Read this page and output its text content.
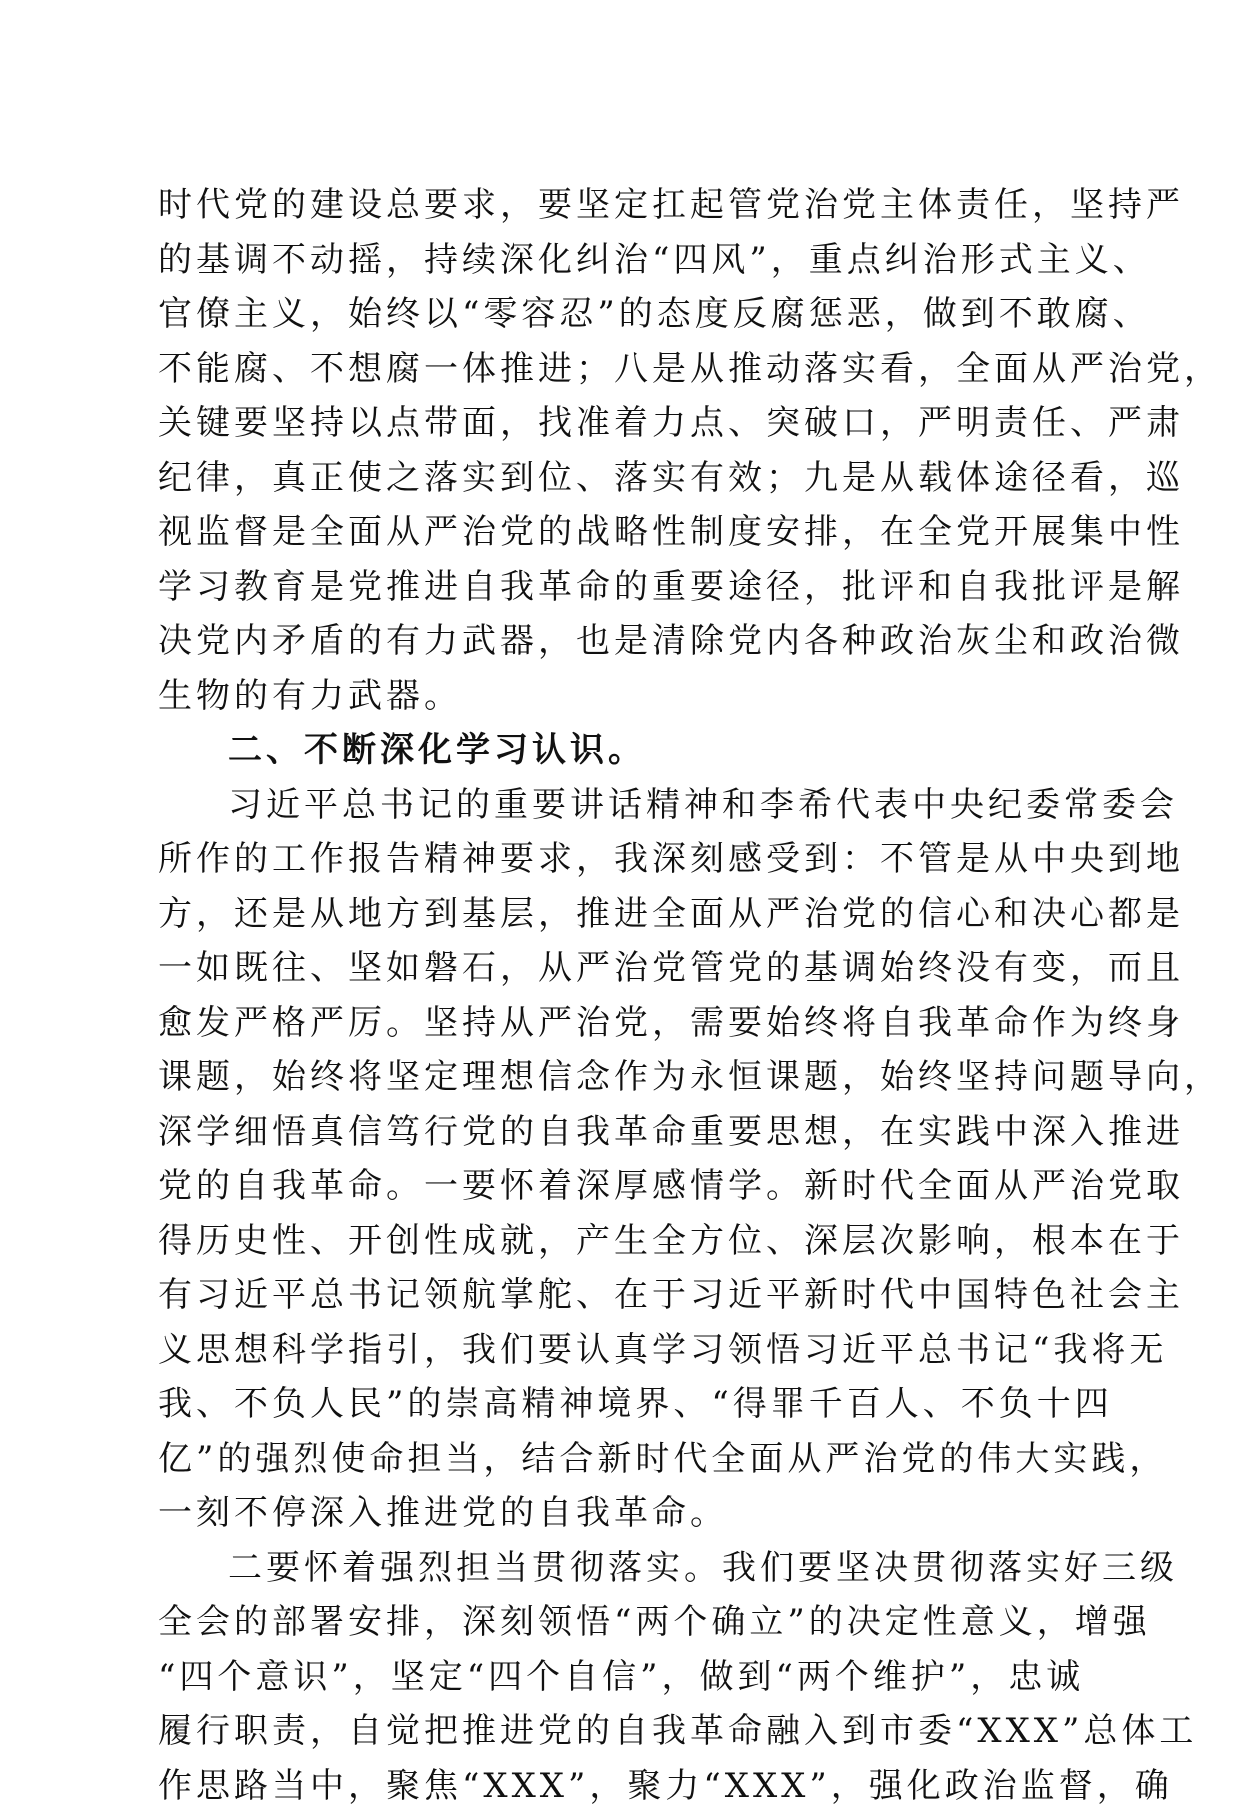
时代党的建设总要求，要坚定扛起管党治党主体责任，坚持严
的基调不动摇，持续深化纠治“四风”，重点纠治形式主义、
官僚主义，始终以“零容忍”的态度反腐惩恶，做到不敢腐、
不能腐、不想腐一体推进；八是从推动落实看，全面从严治党，
关键要坚持以点带面，找准着力点、突破口，严明责任、严肃
纪律，真正使之落实到位、落实有效；九是从载体途径看，巡
视监督是全面从严治党的战略性制度安排，在全党开展集中性
学习教育是党推进自我革命的重要途径，批评和自我批评是解
决党内矛盾的有力武器，也是清除党内各种政治灰尘和政治微
生物的有力武器。
二、不断深化学习认识。
习近平总书记的重要讲话精神和李希代表中央纪委常委会
所作的工作报告精神要求，我深刻感受到：不管是从中央到地
方，还是从地方到基层，推进全面从严治党的信心和决心都是
一如既往、坚如磐石，从严治党管党的基调始终没有变，而且
愈发严格严厉。坚持从严治党，需要始终将自我革命作为终身
课题，始终将坚定理想信念作为永恒课题，始终坚持问题导向，
深学细悟真信笃行党的自我革命重要思想，在实践中深入推进
党的自我革命。一要怀着深厚感情学。新时代全面从严治党取
得历史性、开创性成就，产生全方位、深层次影响，根本在于
有习近平总书记领航掌舵、在于习近平新时代中国特色社会主
义思想科学指引，我们要认真学习领悟习近平总书记“我将无
我、不负人民”的崇高精神境界、“得罪千百人、不负十四
亿”的强烈使命担当，结合新时代全面从严治党的伟大实践，
一刻不停深入推进党的自我革命。
二要怀着强烈担当贯彻落实。我们要坚决贯彻落实好三级
全会的部署安排，深刻领悟“两个确立”的决定性意义，增强
“四个意识”，坚定“四个自信”，做到“两个维护”，忠诚
履行职责，自觉把推进党的自我革命融入到市委“XXX”总体工
作思路当中，聚焦“XXX”，聚力“XXX”，强化政治监督，确
